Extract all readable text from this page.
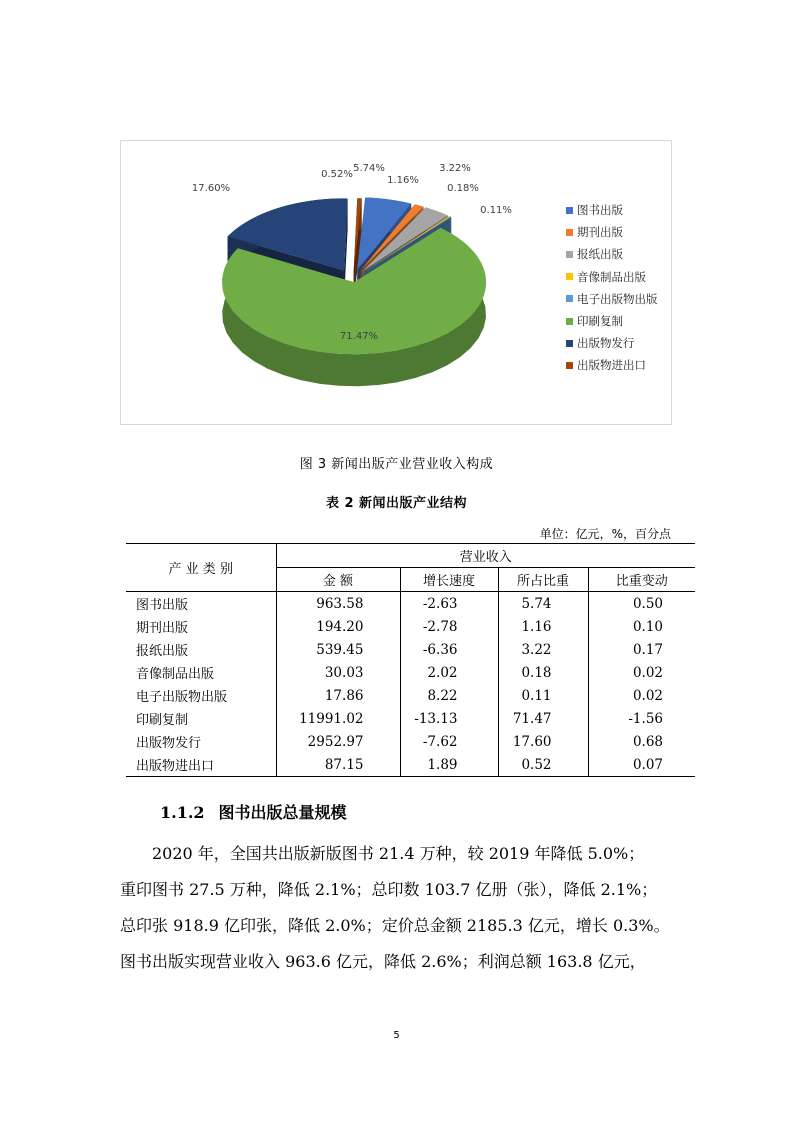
5.74%
1.16%
3.22%
0.18%
0.11%
71.47%
17.60%
0.52%
图书出版
期刊出版
报纸出版
音像制品出版
电子出版物出版
印刷复制
出版物发行
出版物进出口
图 3 新闻出版产业营业收入构成
表 2 新闻出版产业结构
单位：亿元，%，百分点
产 业 类 别	营业收入			
	金 额	增长速度	所占比重	比重变动
图书出版	963.58	-2.63	5.74	0.50
期刊出版	194.20	-2.78	1.16	0.10
报纸出版	539.45	-6.36	3.22	0.17
音像制品出版	30.03	2.02	0.18	0.02
电子出版物出版	17.86	8.22	0.11	0.02
印刷复制	11991.02	-13.13	71.47	-1.56
出版物发行	2952.97	-7.62	17.60	0.68
出版物进出口	87.15	1.89	0.52	0.07
1.1.2 图书出版总量规模

　　2020 年，全国共出版新版图书 21.4 万种，较 2019 年降低 5.0%；

重印图书 27.5 万种，降低 2.1%；总印数 103.7 亿册（张），降低 2.1%；

总印张 918.9 亿印张，降低 2.0%；定价总金额 2185.3 亿元，增长 0.3%。

图书出版实现营业收入 963.6 亿元，降低 2.6%；利润总额 163.8 亿元，

5
